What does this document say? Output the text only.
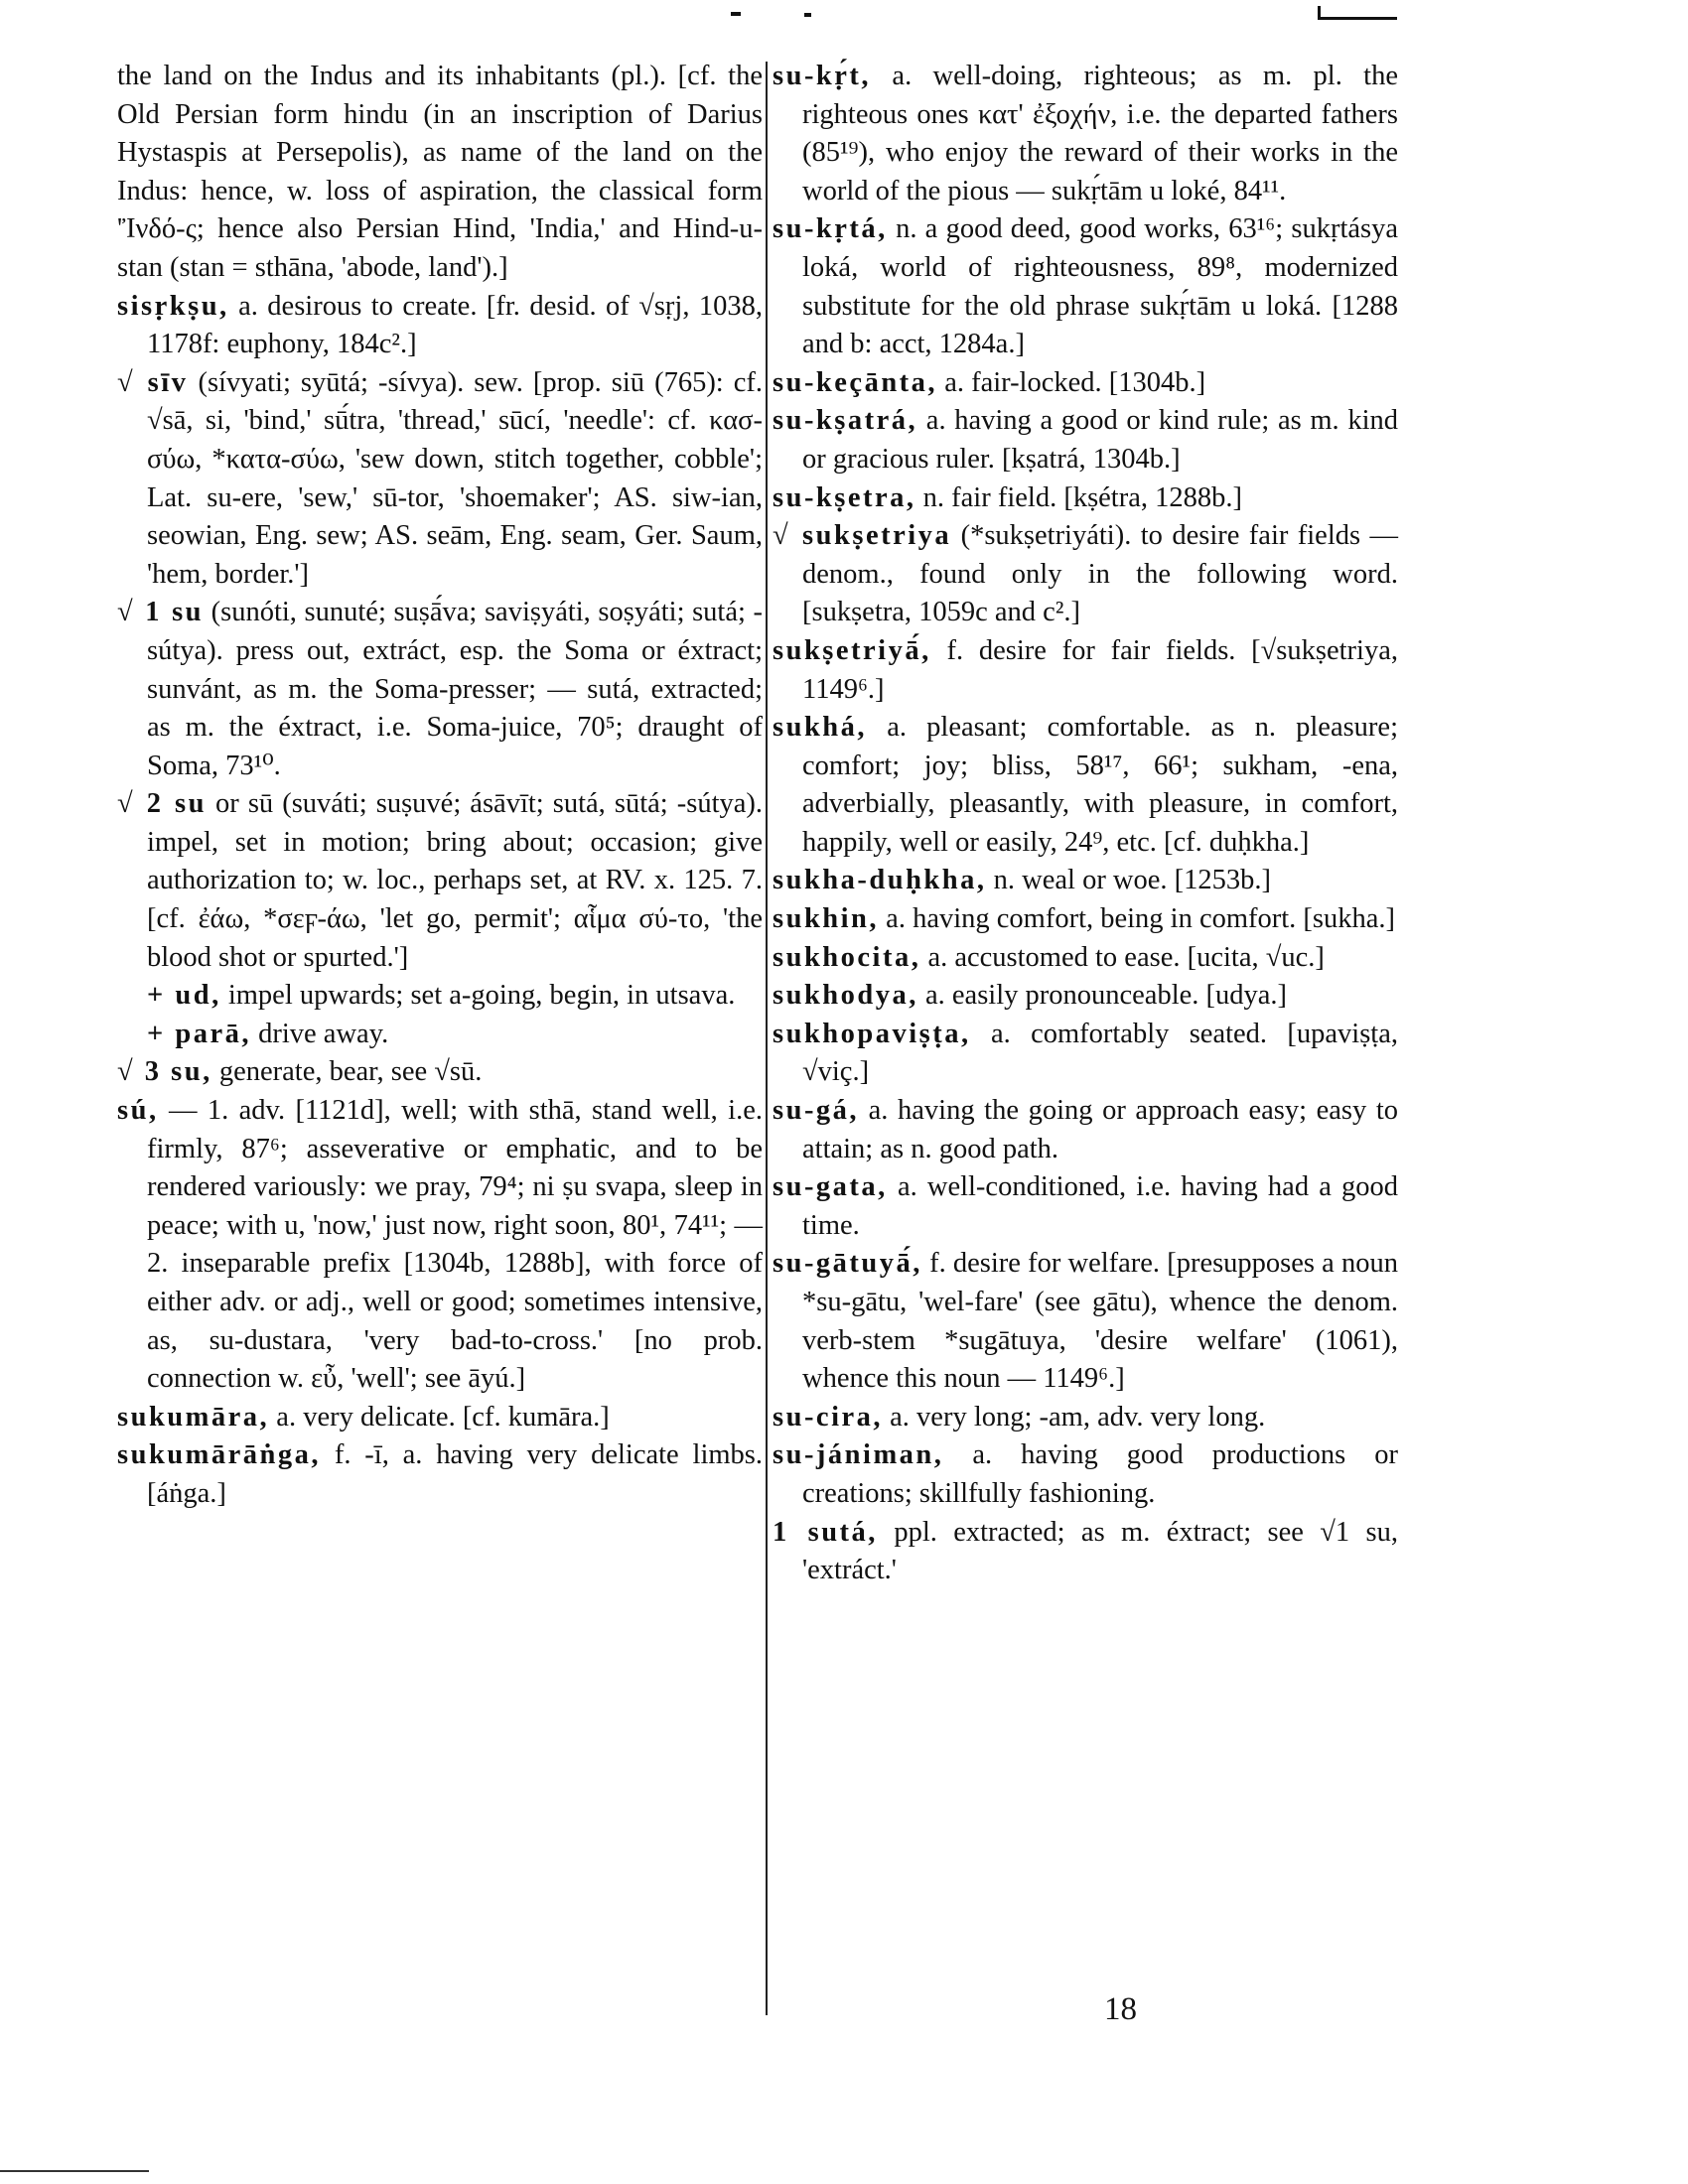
the land on the Indus and its inhabitants (pl.). [cf. the Old Persian form hindu (in an inscription of Darius Hystaspis at Persepolis), as name of the land on the Indus: hence, w. loss of aspiration, the classical form 'Ἰνδό-ς; hence also Persian Hind, 'India,' and Hind-u-stan (stan = sthāna, 'abode, land').]

sisṛkṣu, a. desirous to create. [fr. desid. of √sṛj, 1038, 1178f: euphony, 184c².]

√ sīv (sívyati; syūtá; -sívya). sew. [prop. siū (765): cf. √sā, si, 'bind,' sū́tra, 'thread,' sūcí, 'needle': cf. κασ-σύω, *κατα-σύω, 'sew down, stitch together, cobble'; Lat. su-ere, 'sew,' sū-tor, 'shoemaker'; AS. siw-ian, seowian, Eng. sew; AS. seām, Eng. seam, Ger. Saum, 'hem, border.']

√ 1 su (sunóti, sunuté; suṣā́va; saviṣyáti, soṣyáti; sutá; -sútya). press out, extráct, esp. the Soma or éxtract; sunvánt, as m. the Soma-presser; — sutá, extracted; as m. the éxtract, i.e. Soma-juice, 70⁵; draught of Soma, 73¹⁰.

√ 2 su or sū (suváti; suṣuvé; ásāvīt; sutá, sūtá; -sútya). impel, set in motion; bring about; occasion; give authorization to; w. loc., perhaps set, at RV. x. 125. 7. [cf. ἐάω, *σεϝ-άω, 'let go, permit'; αἷμα σύ-το, 'the blood shot or spurted.']

+ ud, impel upwards; set a-going, begin, in utsava.

+ parā, drive away.

√ 3 su, generate, bear, see √sū.

sú, — 1. adv. [1121d], well; with sthā, stand well, i.e. firmly, 87⁶; asseverative or emphatic, and to be rendered variously: we pray, 79⁴; ni ṣu svapa, sleep in peace; with u, 'now,' just now, right soon, 80¹, 74¹¹; — 2. inseparable prefix [1304b, 1288b], with force of either adv. or adj., well or good; sometimes intensive, as, su-dustara, 'very bad-to-cross.' [no prob. connection w. εὖ, 'well'; see āyú.]

sukumāra, a. very delicate. [cf. kumāra.]

sukumārāṅga, f. -ī, a. having very delicate limbs. [áṅga.]

su-kṛ́t, a. well-doing, righteous; as m. pl. the righteous ones κατ' ἐξοχήν, i.e. the departed fathers (85¹⁹), who enjoy the reward of their works in the world of the pious — sukṛ́tām u loké, 84¹¹.

su-kṛtá, n. a good deed, good works, 63¹⁶; sukṛtásya loká, world of righteousness, 89⁸, modernized substitute for the old phrase sukṛ́tām u loká. [1288 and b: acct, 1284a.]

su-keçānta, a. fair-locked. [1304b.]

su-kṣatrá, a. having a good or kind rule; as m. kind or gracious ruler. [kṣatrá, 1304b.]

su-kṣetra, n. fair field. [kṣétra, 1288b.]

√ sukṣetriya (*sukṣetriyáti). to desire fair fields — denom., found only in the following word. [sukṣetra, 1059c and c².]

sukṣetriyā́, f. desire for fair fields. [√sukṣetriya, 1149⁶.]

sukhá, a. pleasant; comfortable. as n. pleasure; comfort; joy; bliss, 58¹⁷, 66¹; sukham, -ena, adverbially, pleasantly, with pleasure, in comfort, happily, well or easily, 24⁹, etc. [cf. duḥkha.]

sukha-duḥkha, n. weal or woe. [1253b.]

sukhin, a. having comfort, being in comfort. [sukha.]

sukhocita, a. accustomed to ease. [ucita, √uc.]

sukhodya, a. easily pronounceable. [udya.]

sukhopaviṣṭa, a. comfortably seated. [upaviṣṭa, √viç.]

su-gá, a. having the going or approach easy; easy to attain; as n. good path.

su-gata, a. well-conditioned, i.e. having had a good time.

su-gātuyā́, f. desire for welfare. [presupposes a noun *su-gātu, 'wel-fare' (see gātu), whence the denom. verb-stem *sugātuya, 'desire welfare' (1061), whence this noun — 1149⁶.]

su-cira, a. very long; -am, adv. very long.

su-jániman, a. having good productions or creations; skillfully fashioning.

1 sutá, ppl. extracted; as m. éxtract; see √1 su, 'extráct.'

18
